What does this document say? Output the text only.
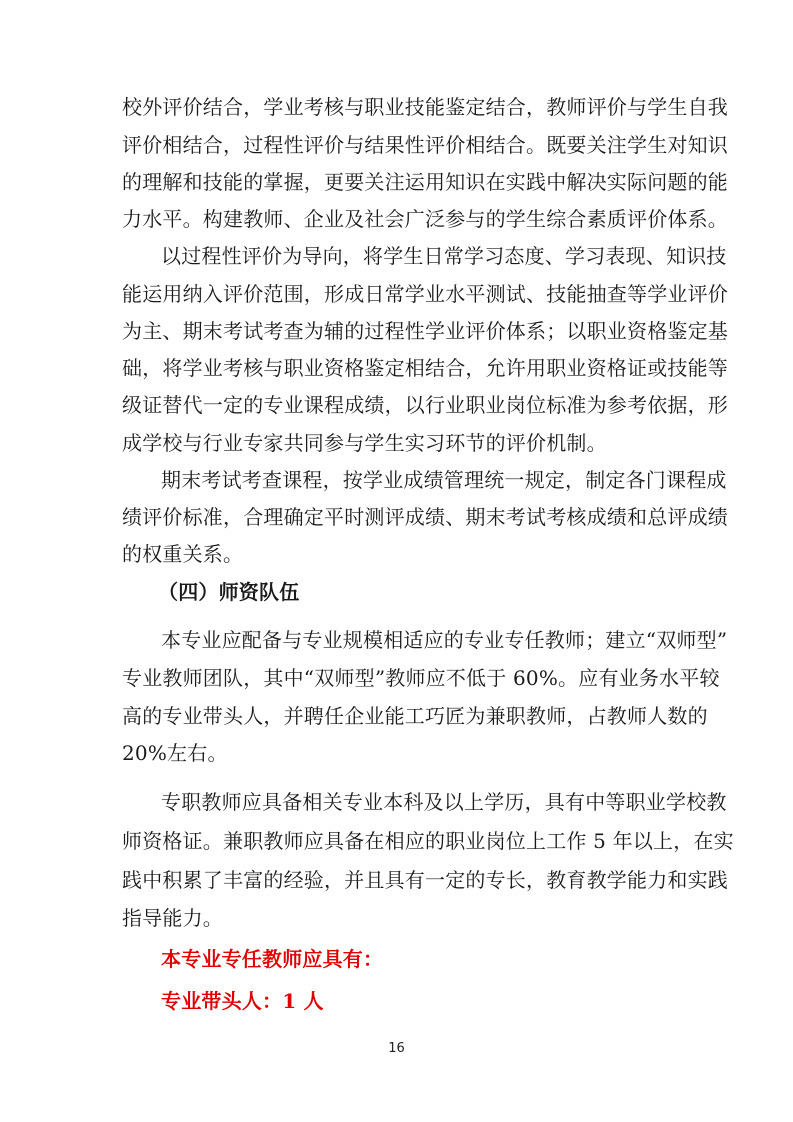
校外评价结合，学业考核与职业技能鉴定结合，教师评价与学生自我
评价相结合，过程性评价与结果性评价相结合。既要关注学生对知识
的理解和技能的掌握，更要关注运用知识在实践中解决实际问题的能
力水平。构建教师、企业及社会广泛参与的学生综合素质评价体系。
以过程性评价为导向，将学生日常学习态度、学习表现、知识技
能运用纳入评价范围，形成日常学业水平测试、技能抽查等学业评价
为主、期末考试考查为辅的过程性学业评价体系；以职业资格鉴定基
础，将学业考核与职业资格鉴定相结合，允许用职业资格证或技能等
级证替代一定的专业课程成绩，以行业职业岗位标准为参考依据，形
成学校与行业专家共同参与学生实习环节的评价机制。
期末考试考查课程，按学业成绩管理统一规定，制定各门课程成
绩评价标准，合理确定平时测评成绩、期末考试考核成绩和总评成绩
的权重关系。
（四）师资队伍
本专业应配备与专业规模相适应的专业专任教师；建立“双师型”
专业教师团队，其中“双师型”教师应不低于 60%。应有业务水平较
高的专业带头人，并聘任企业能工巧匠为兼职教师，占教师人数的
20%左右。
专职教师应具备相关专业本科及以上学历，具有中等职业学校教
师资格证。兼职教师应具备在相应的职业岗位上工作 5 年以上，在实
践中积累了丰富的经验，并且具有一定的专长，教育教学能力和实践
指导能力。
本专业专任教师应具有：
专业带头人：1 人
16
